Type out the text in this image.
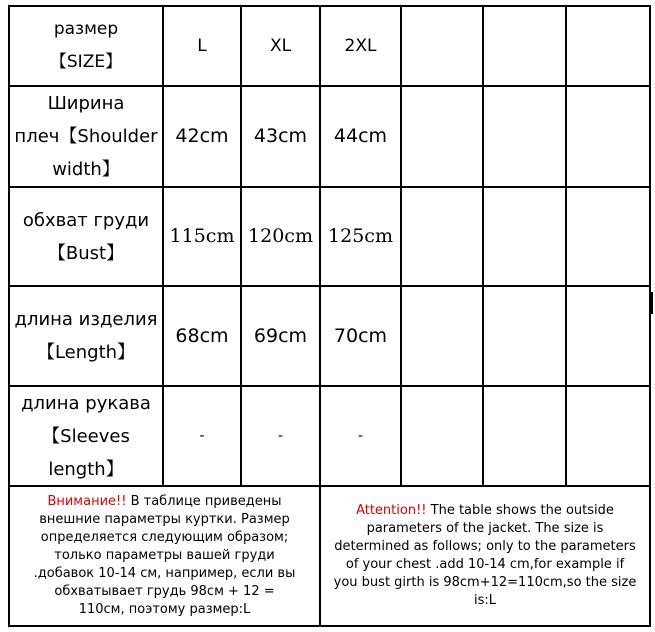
размер
【SIZE】
L	XL	2XL
Ширина
плеч【Shoulder
width】
42cm	43cm	44cm
обхват груди
【Bust】
115cm 120cm 125cm
длина изделия
【Length】
68cm	69cm	70cm
длина рукава
【Sleeves
length】
-	-	-
Внимание!! В таблице приведены внешние параметры куртки. Размер определяется следующим образом; только параметры вашей груди .добавок 10-14 см, например, если вы обхватывает грудь 98см + 12 = 110см, поэтому размер:L
Attention!! The table shows the outside parameters of the jacket. The size is determined as follows; only to the parameters of your chest .add 10-14 cm,for example if you bust girth is 98cm+12=110cm,so the size is:L
